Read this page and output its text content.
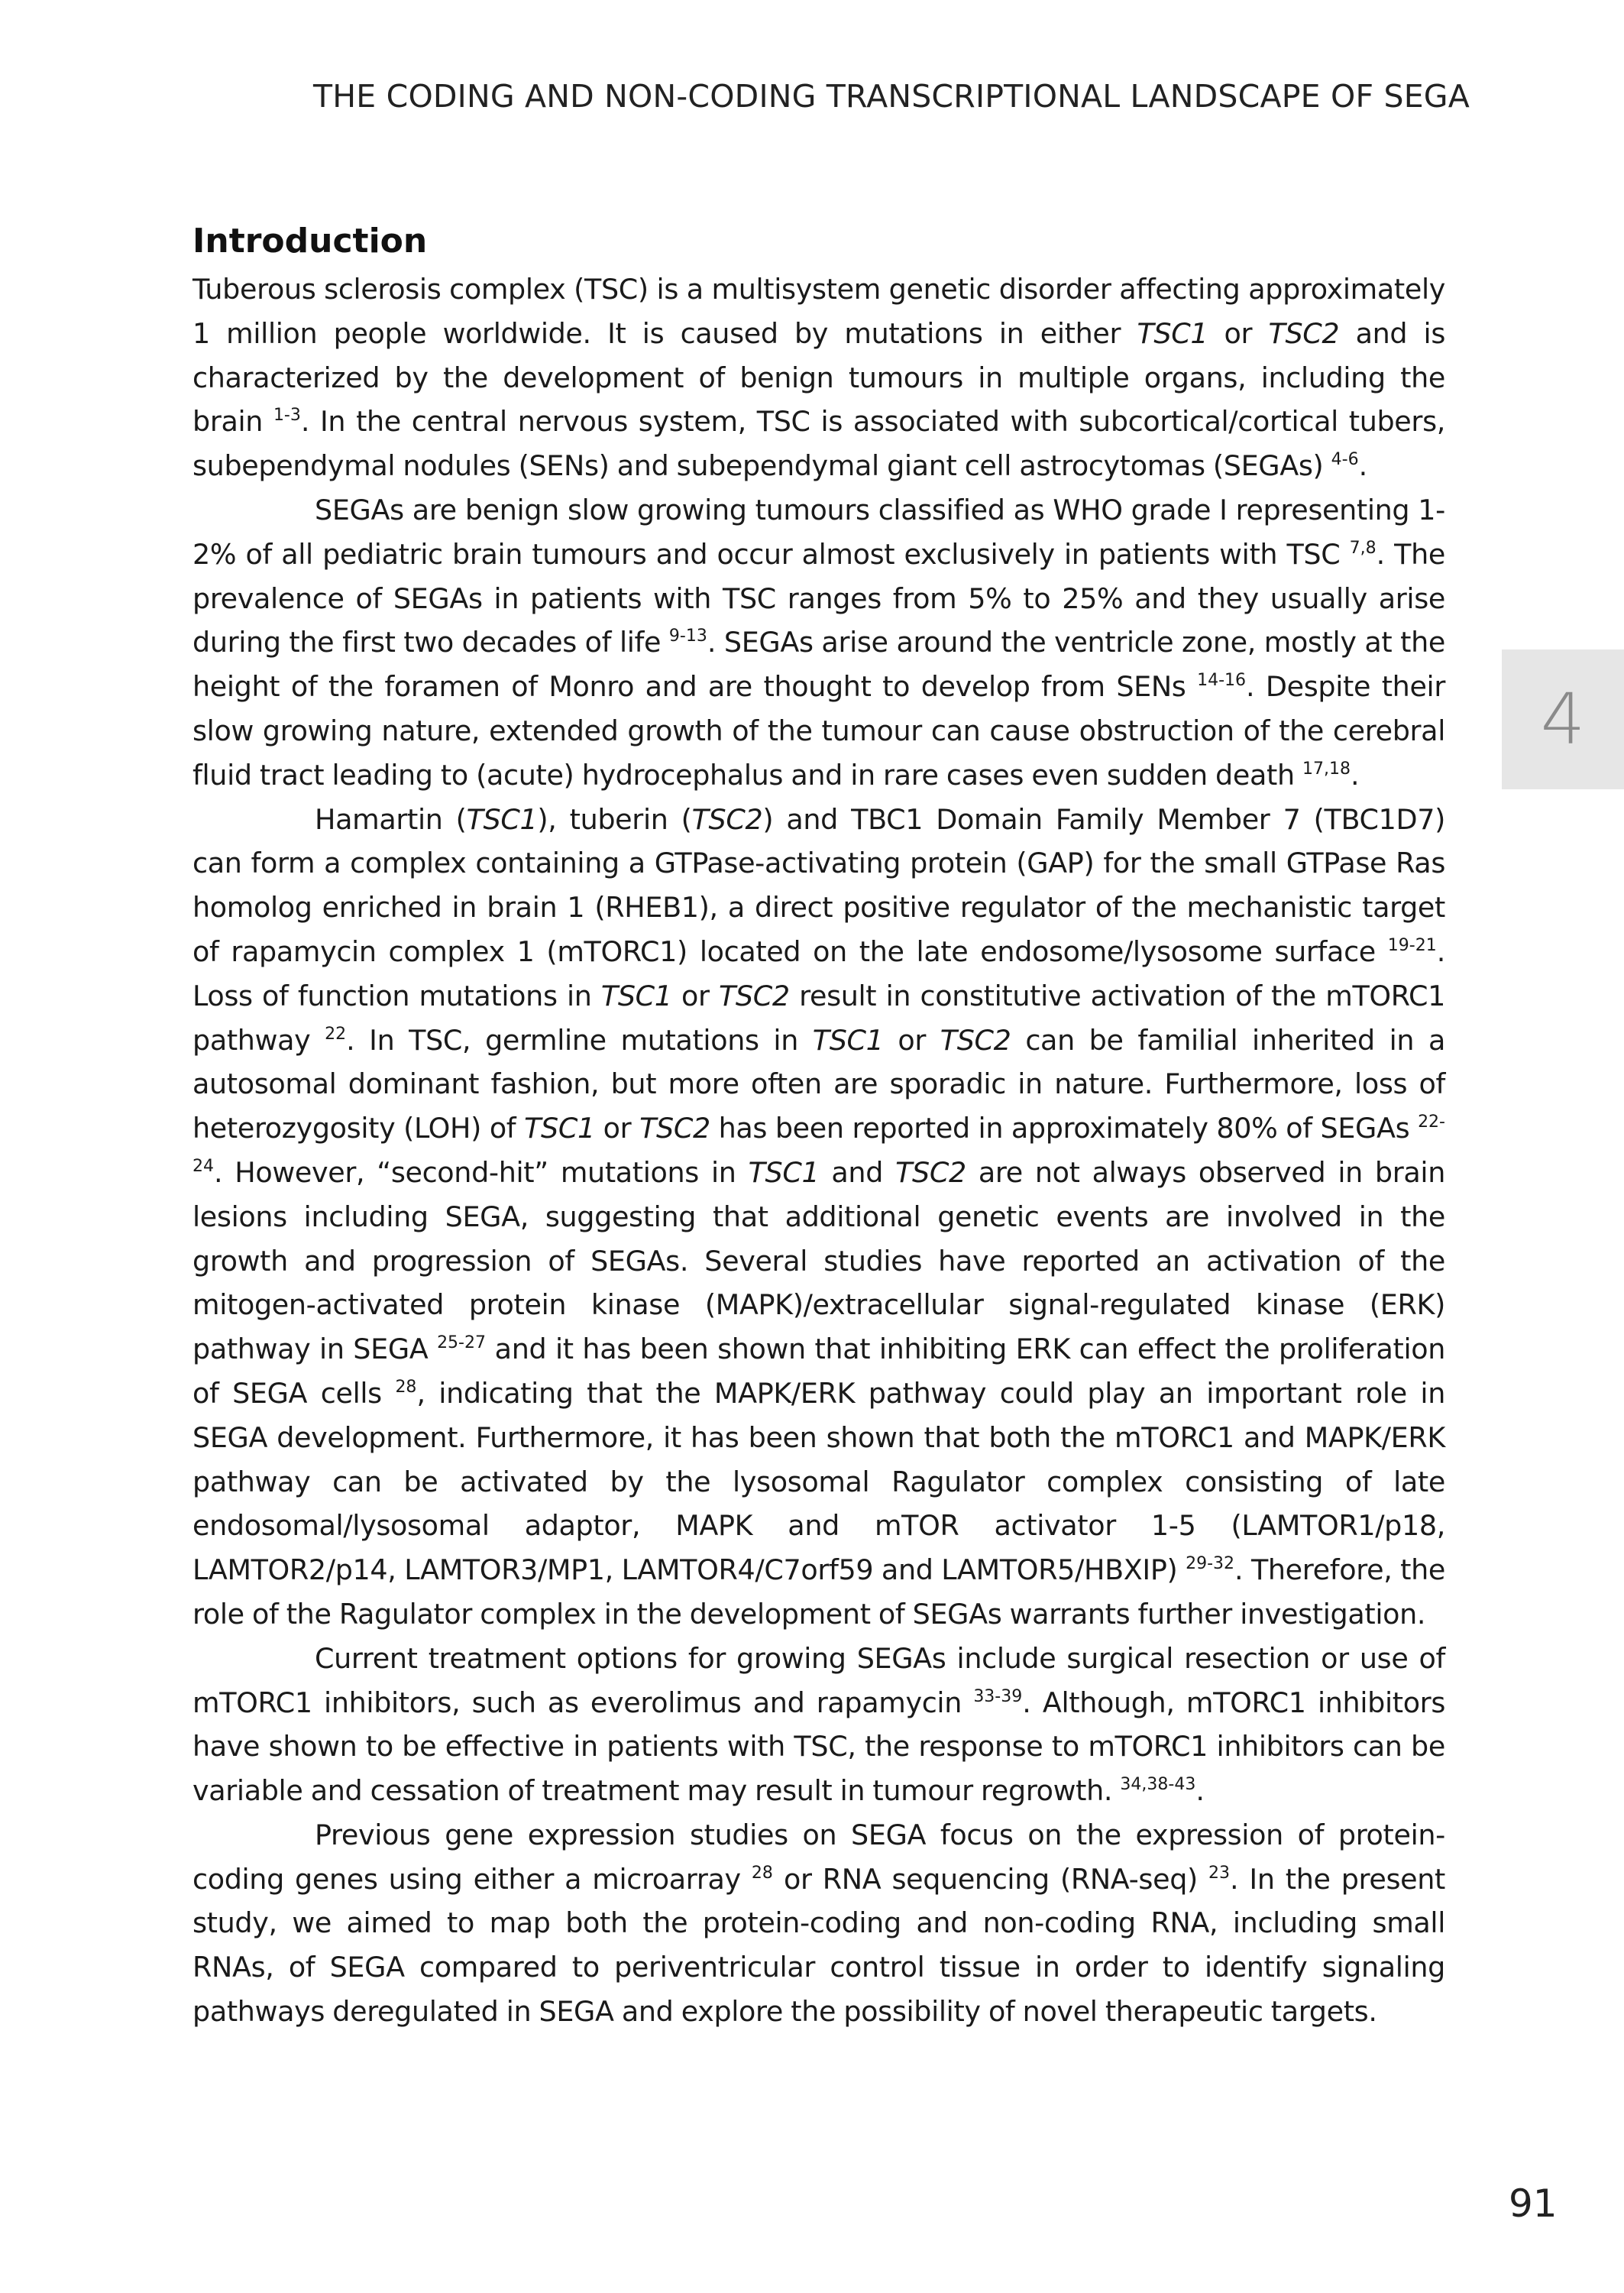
THE CODING AND NON-CODING TRANSCRIPTIONAL LANDSCAPE OF SEGA
Introduction

Tuberous sclerosis complex (TSC) is a multisystem genetic disorder affecting approximately 1 million people worldwide. It is caused by mutations in either TSC1 or TSC2 and is characterized by the development of benign tumours in multiple organs, including the brain $^{1-3}$. In the central nervous system, TSC is associated with subcortical/cortical tubers, subependymal nodules (SENs) and subependymal giant cell astrocytomas (SEGAs) $^{4-6}$.

SEGAs are benign slow growing tumours classified as WHO grade I representing 1-2% of all pediatric brain tumours and occur almost exclusively in patients with TSC $^{7,8}$. The prevalence of SEGAs in patients with TSC ranges from 5% to 25% and they usually arise during the first two decades of life $^{9-13}$. SEGAs arise around the ventricle zone, mostly at the height of the foramen of Monro and are thought to develop from SENs $^{14-16}$. Despite their slow growing nature, extended growth of the tumour can cause obstruction of the cerebral fluid tract leading to (acute) hydrocephalus and in rare cases even sudden death $^{17,18}$.

Hamartin (TSC1), tuberin (TSC2) and TBC1 Domain Family Member 7 (TBC1D7) can form a complex containing a GTPase-activating protein (GAP) for the small GTPase Ras homolog enriched in brain 1 (RHEB1), a direct positive regulator of the mechanistic target of rapamycin complex 1 (mTORC1) located on the late endosome/lysosome surface $^{19-21}$. Loss of function mutations in TSC1 or TSC2 result in constitutive activation of the mTORC1 pathway $^{22}$. In TSC, germline mutations in TSC1 or TSC2 can be familial inherited in a autosomal dominant fashion, but more often are sporadic in nature. Furthermore, loss of heterozygosity (LOH) of TSC1 or TSC2 has been reported in approximately 80% of SEGAs $^{22-24}$. However, “second-hit” mutations in TSC1 and TSC2 are not always observed in brain lesions including SEGA, suggesting that additional genetic events are involved in the growth and progression of SEGAs. Several studies have reported an activation of the mitogen-activated protein kinase (MAPK)/extracellular signal-regulated kinase (ERK) pathway in SEGA $^{25-27}$ and it has been shown that inhibiting ERK can effect the proliferation of SEGA cells $^{28}$, indicating that the MAPK/ERK pathway could play an important role in SEGA development. Furthermore, it has been shown that both the mTORC1 and MAPK/ERK pathway can be activated by the lysosomal Ragulator complex consisting of late endosomal/lysosomal adaptor, MAPK and mTOR activator 1-5 (LAMTOR1/p18, LAMTOR2/p14, LAMTOR3/MP1, LAMTOR4/C7orf59 and LAMTOR5/HBXIP) $^{29-32}$. Therefore, the role of the Ragulator complex in the development of SEGAs warrants further investigation.

Current treatment options for growing SEGAs include surgical resection or use of mTORC1 inhibitors, such as everolimus and rapamycin $^{33-39}$. Although, mTORC1 inhibitors have shown to be effective in patients with TSC, the response to mTORC1 inhibitors can be variable and cessation of treatment may result in tumour regrowth. $^{34,38-43}$.

Previous gene expression studies on SEGA focus on the expression of protein-coding genes using either a microarray $^{28}$ or RNA sequencing (RNA-seq) $^{23}$. In the present study, we aimed to map both the protein-coding and non-coding RNA, including small RNAs, of SEGA compared to periventricular control tissue in order to identify signaling pathways deregulated in SEGA and explore the possibility of novel therapeutic targets.

4
91
